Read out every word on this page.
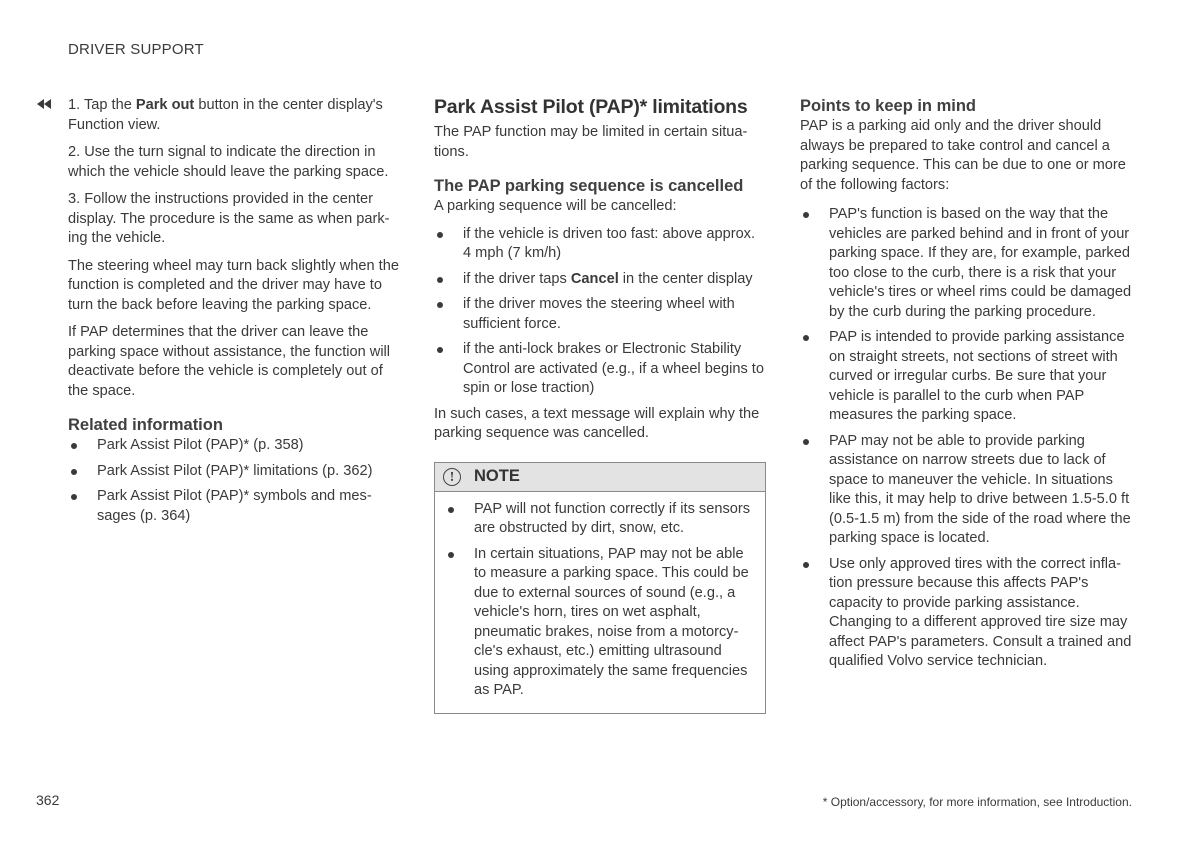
DRIVER SUPPORT

1. Tap the Park out button in the center display's Function view.

2. Use the turn signal to indicate the direction in which the vehicle should leave the parking space.

3. Follow the instructions provided in the center display. The procedure is the same as when parking the vehicle.

The steering wheel may turn back slightly when the function is completed and the driver may have to turn the back before leaving the parking space.

If PAP determines that the driver can leave the parking space without assistance, the function will deactivate before the vehicle is completely out of the space.

Related information
Park Assist Pilot (PAP)* (p. 358)
Park Assist Pilot (PAP)* limitations (p. 362)
Park Assist Pilot (PAP)* symbols and messages (p. 364)
Park Assist Pilot (PAP)* limitations

The PAP function may be limited in certain situations.

The PAP parking sequence is cancelled

A parking sequence will be cancelled:

if the vehicle is driven too fast: above approx. 4 mph (7 km/h)
if the driver taps Cancel in the center display
if the driver moves the steering wheel with sufficient force.
if the anti-lock brakes or Electronic Stability Control are activated (e.g., if a wheel begins to spin or lose traction)

In such cases, a text message will explain why the parking sequence was cancelled.

!	NOTE
PAP will not function correctly if its sensors are obstructed by dirt, snow, etc.
In certain situations, PAP may not be able to measure a parking space. This could be due to external sources of sound (e.g., a vehicle's horn, tires on wet asphalt, pneumatic brakes, noise from a motorcycle's exhaust, etc.) emitting ultrasound using approximately the same frequencies as PAP.
Points to keep in mind

PAP is a parking aid only and the driver should always be prepared to take control and cancel a parking sequence. This can be due to one or more of the following factors:

PAP's function is based on the way that the vehicles are parked behind and in front of your parking space. If they are, for example, parked too close to the curb, there is a risk that your vehicle's tires or wheel rims could be damaged by the curb during the parking procedure.
PAP is intended to provide parking assistance on straight streets, not sections of street with curved or irregular curbs. Be sure that your vehicle is parallel to the curb when PAP measures the parking space.
PAP may not be able to provide parking assistance on narrow streets due to lack of space to maneuver the vehicle. In situations like this, it may help to drive between 1.5-5.0 ft (0.5-1.5 m) from the side of the road where the parking space is located.
Use only approved tires with the correct inflation pressure because this affects PAP's capacity to provide parking assistance. Changing to a different approved tire size may affect PAP's parameters. Consult a trained and qualified Volvo service technician.
362	* Option/accessory, for more information, see Introduction.
